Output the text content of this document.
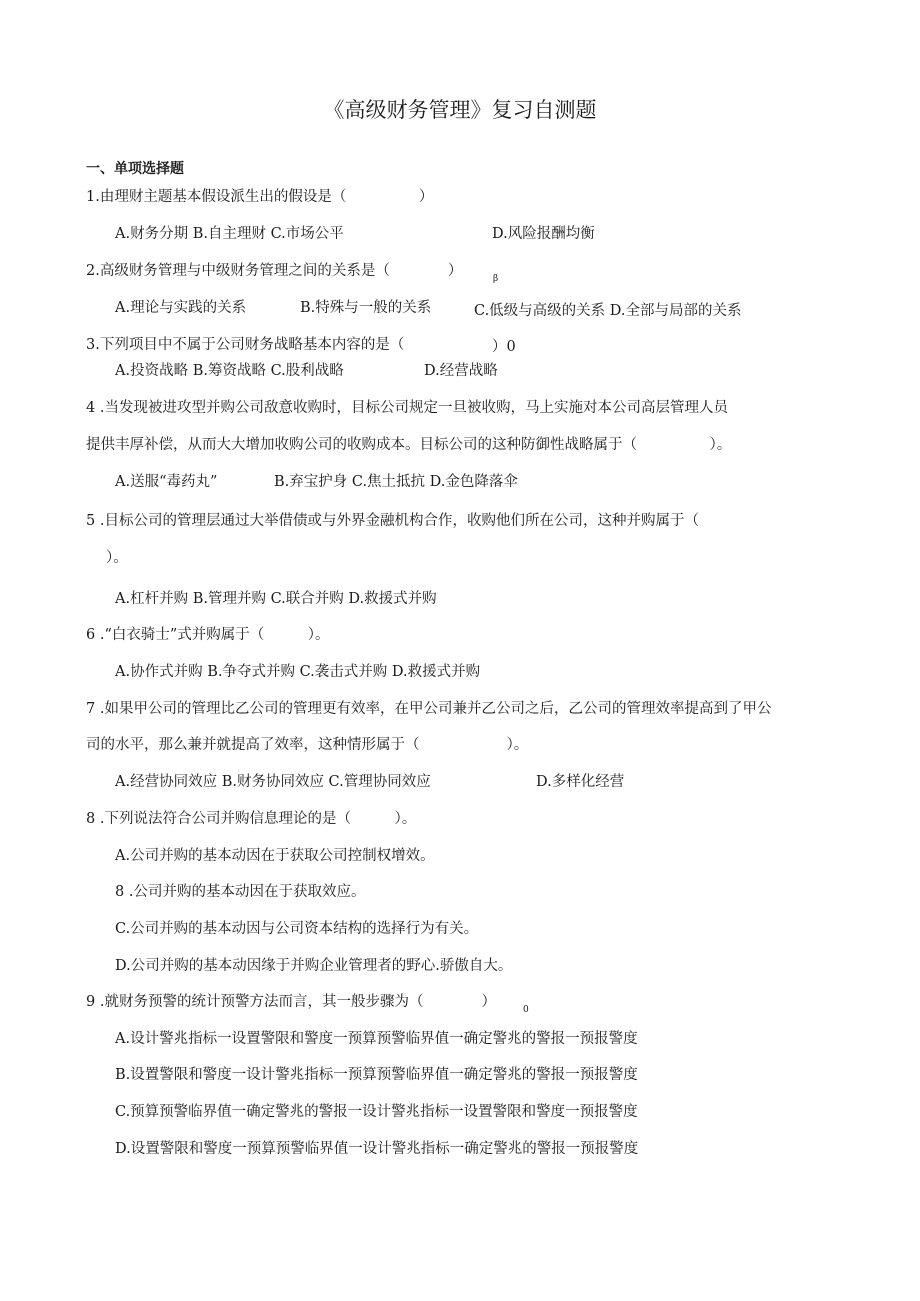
《高级财务管理》复习自测题
一、单项选择题
1.由理财主题基本假设派生出的假设是（　　　　　）
A.财务分期 B.自主理财 C.市场公平	D.风险报酬均衡
2.高级财务管理与中级财务管理之间的关系是（　　　　）	β
A.理论与实践的关系	B.特殊与一般的关系	C.低级与高级的关系 D.全部与局部的关系
3.下列项目中不属于公司财务战略基本内容的是（	）0
A.投资战略 B.筹资战略 C.股利战略	D.经营战略
4 .当发现被进攻型并购公司敌意收购时，目标公司规定一旦被收购，马上实施对本公司高层管理人员
提供丰厚补偿，从而大大增加收购公司的收购成本。目标公司的这种防御性战略属于（　　　　　）。
A.送服“毒药丸”	B.弃宝护身 C.焦土抵抗 D.金色降落伞
5 .目标公司的管理层通过大举借债或与外界金融机构合作，收购他们所在公司，这种并购属于（
）。
A.杠杆并购 B.管理并购 C.联合并购 D.救援式并购
6 .“白衣骑士”式并购属于（　　　）。
A.协作式并购 B.争夺式并购 C.袭击式并购 D.救援式并购
7 .如果甲公司的管理比乙公司的管理更有效率，在甲公司兼并乙公司之后，乙公司的管理效率提高到了甲公
司的水平，那么兼并就提高了效率，这种情形属于（　　　　　　）。
A.经营协同效应 B.财务协同效应 C.管理协同效应	D.多样化经营
8 .下列说法符合公司并购信息理论的是（　　　）。
A.公司并购的基本动因在于获取公司控制权增效。
8 .公司并购的基本动因在于获取效应。
C.公司并购的基本动因与公司资本结构的选择行为有关。
D.公司并购的基本动因缘于并购企业管理者的野心.骄傲自大。
9 .就财务预警的统计预警方法而言，其一般步骤为（　　　　）	0
A.设计警兆指标一设置警限和警度一预算预警临界值一确定警兆的警报一预报警度
B.设置警限和警度一设计警兆指标一预算预警临界值一确定警兆的警报一预报警度
C.预算预警临界值一确定警兆的警报一设计警兆指标一设置警限和警度一预报警度
D.设置警限和警度一预算预警临界值一设计警兆指标一确定警兆的警报一预报警度
